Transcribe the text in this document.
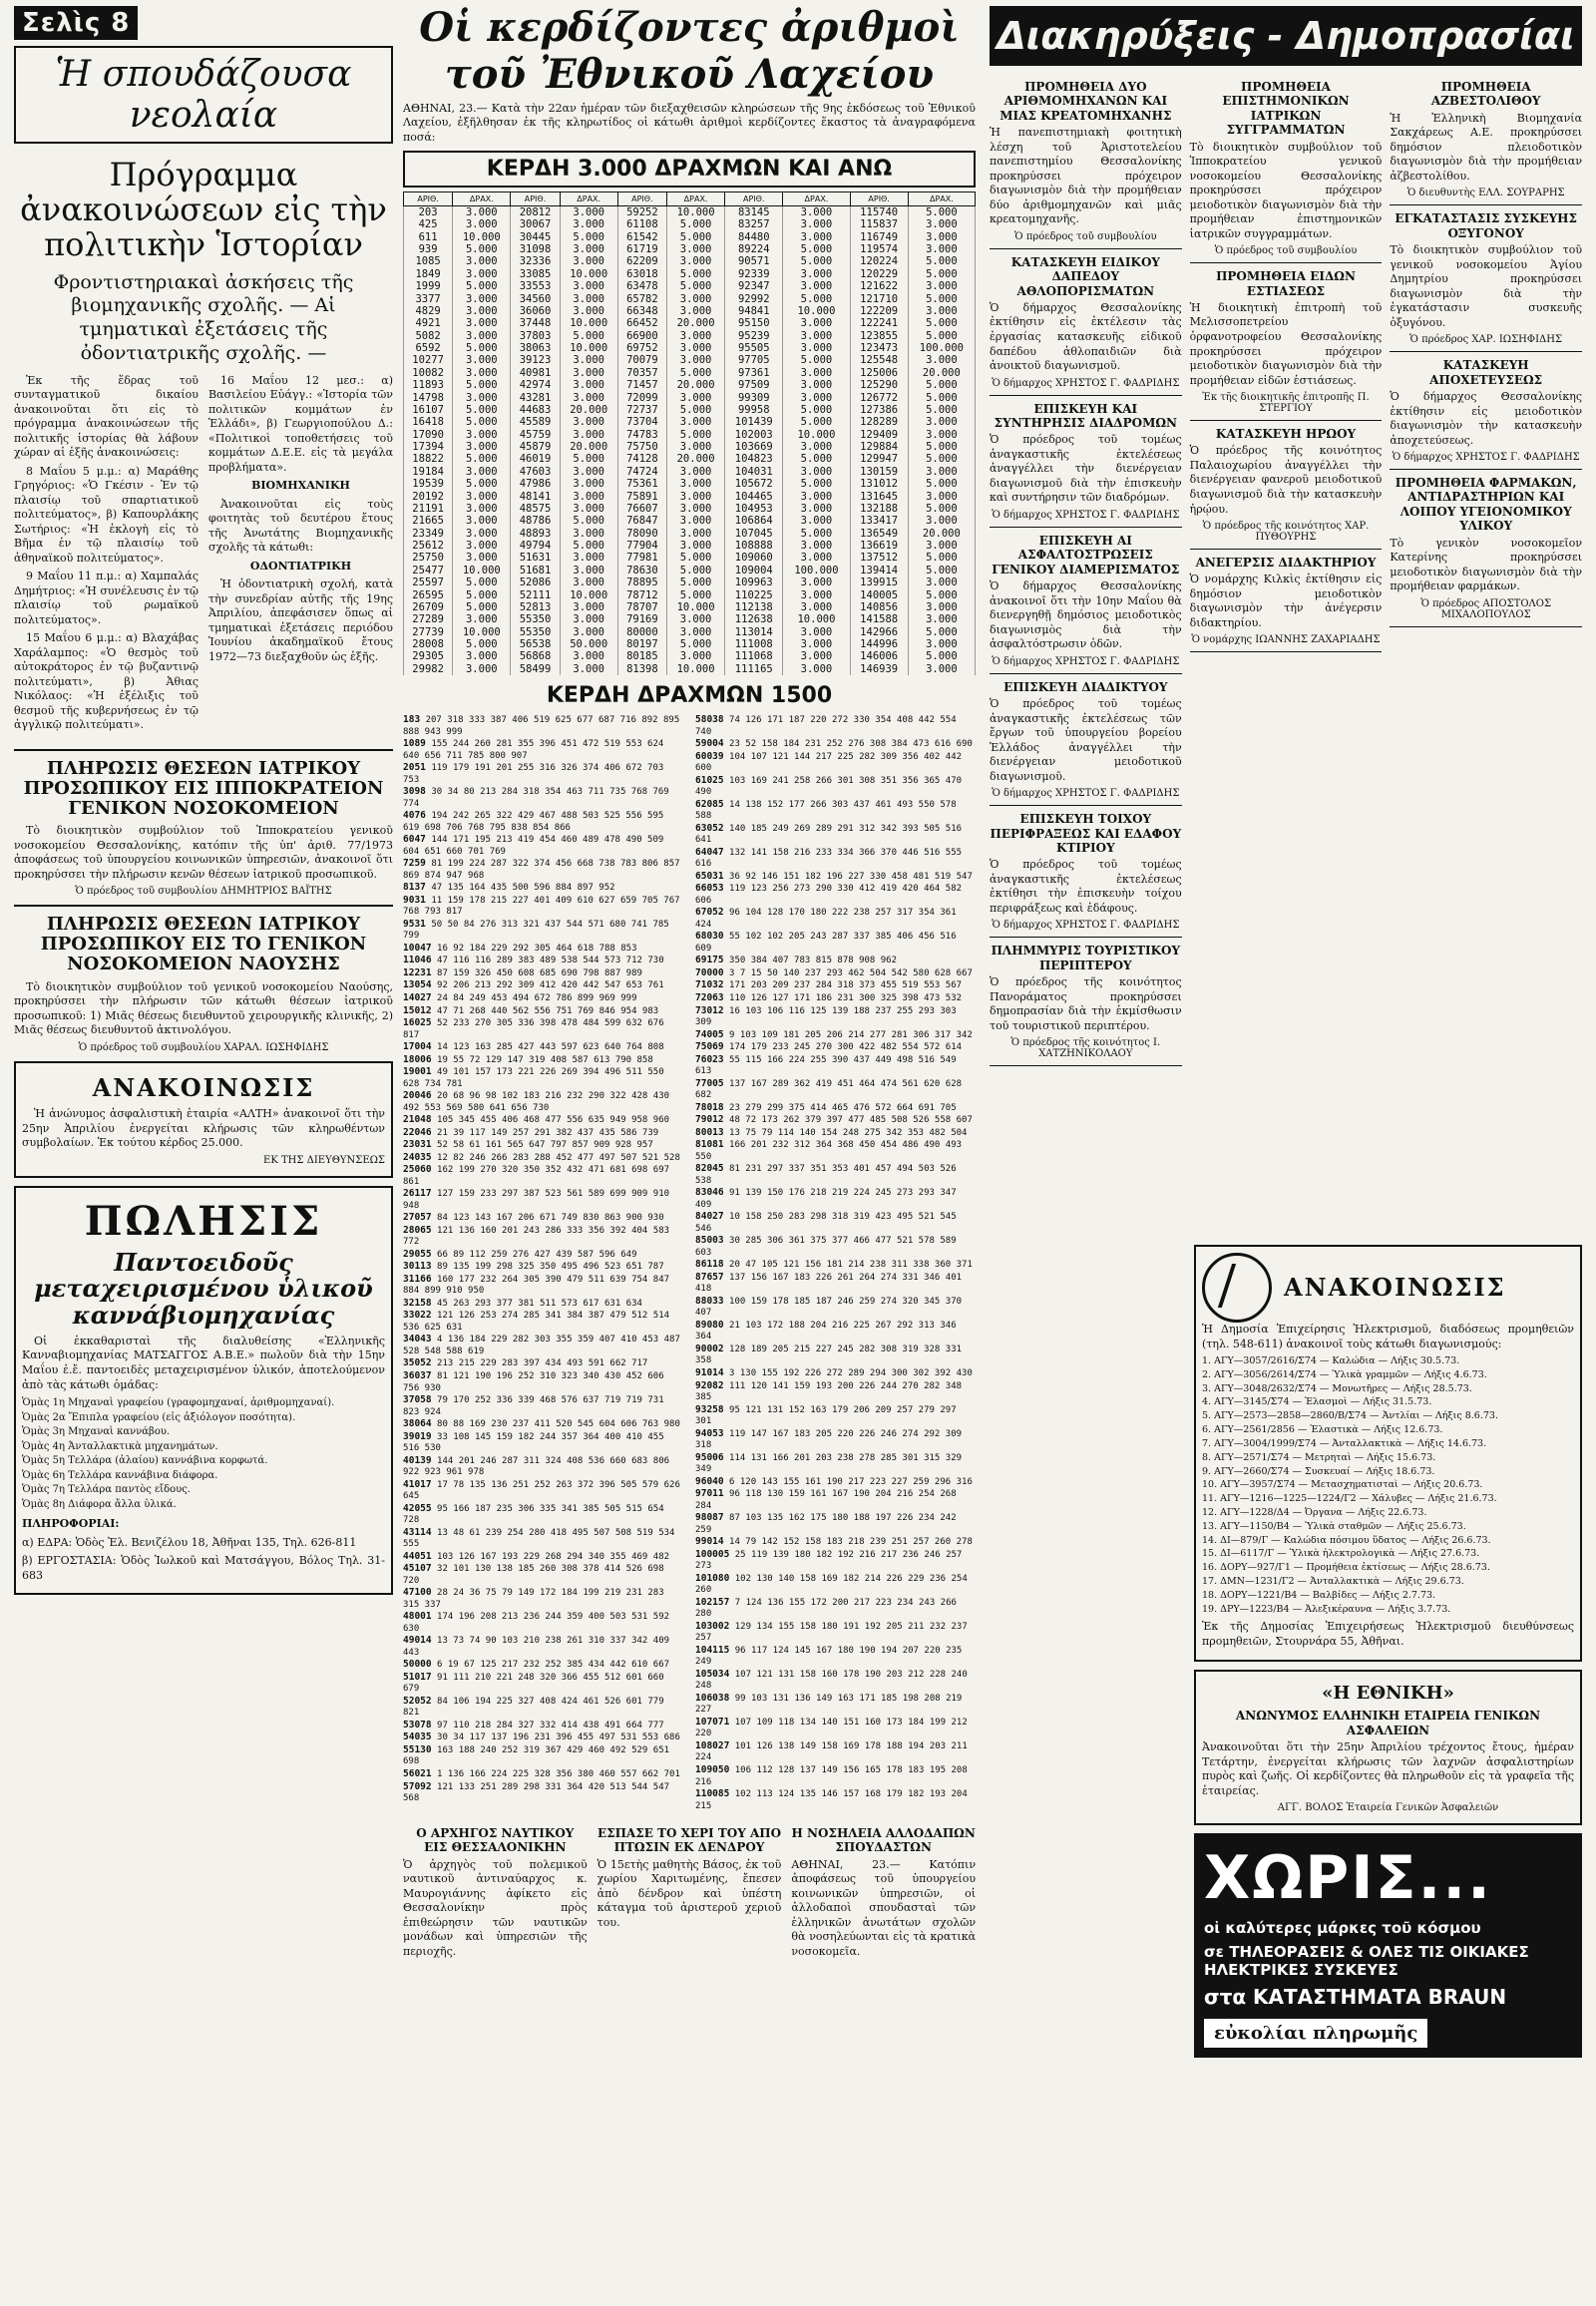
Σελὶς 8
Ἡ σπουδάζουσα νεολαία
Πρόγραμμα ἀνακοινώσεων εἰς τὴν πολιτικὴν Ἱστορίαν
Φροντιστηριακαὶ ἀσκήσεις τῆς βιομηχανικῆς σχολῆς. — Αἱ τμηματικαὶ ἐξετάσεις τῆς ὀδοντιατρικῆς σχολῆς. —

Ἐκ τῆς ἕδρας τοῦ συνταγματικοῦ δικαίου ἀνακοινοῦται ὅτι εἰς τὸ πρόγραμμα ἀνακοινώσεων τῆς πολιτικῆς ἱστορίας θὰ λάβουν χώραν αἱ ἑξῆς ἀνακοινώσεις:

8 Μαΐου 5 μ.μ.: α) Μαράθης Γρηγόριος: «Ὁ Γκέσιν - Ἐν τῷ πλαισίῳ τοῦ σπαρτιατικοῦ πολιτεύματος», β) Καπουρλάκης Σωτήριος: «Ἡ ἐκλογὴ εἰς τὸ Βῆμα ἐν τῷ πλαισίῳ τοῦ ἀθηναϊκοῦ πολιτεύματος».

9 Μαΐου 11 π.μ.: α) Χαμπαλάς Δημήτριος: «Ἡ συνέλευσις ἐν τῷ πλαισίῳ τοῦ ρωμαϊκοῦ πολιτεύματος».

15 Μαΐου 6 μ.μ.: α) Βλαχάβας Χαράλαμπος: «Ὁ θεσμὸς τοῦ αὐτοκράτορος ἐν τῷ βυζαντινῷ πολιτεύματι», β) Ἀθιας Νικόλαος: «Ἡ ἐξέλιξις τοῦ θεσμοῦ τῆς κυβερνήσεως ἐν τῷ ἀγγλικῷ πολιτεύματι».

16 Μαΐου 12 μεσ.: α) Βασιλείου Εὐάγγ.: «Ἱστορία τῶν πολιτικῶν κομμάτων ἐν Ἑλλάδι», β) Γεωργιοπούλου Δ.: «Πολιτικοὶ τοποθετήσεις τοῦ κομμάτων Δ.Ε.Ε. εἰς τὰ μεγάλα προβλήματα».

ΒΙΟΜΗΧΑΝΙΚΗ

Ἀνακοινοῦται εἰς τοὺς φοιτητὰς τοῦ δευτέρου ἔτους τῆς Ἀνωτάτης Βιομηχανικῆς σχολῆς τὰ κάτωθι:

ΟΔΟΝΤΙΑΤΡΙΚΗ

Ἡ ὀδοντιατρικὴ σχολή, κατὰ τὴν συνεδρίαν αὐτῆς τῆς 19ης Ἀπριλίου, ἀπεφάσισεν ὅπως αἱ τμηματικαὶ ἐξετάσεις περιόδου Ἰουνίου ἀκαδημαϊκοῦ ἔτους 1972—73 διεξαχθοῦν ὡς ἑξῆς.

ΠΛΗΡΩΣΙΣ ΘΕΣΕΩΝ ΙΑΤΡΙΚΟΥ ΠΡΟΣΩΠΙΚΟΥ ΕΙΣ ΙΠΠΟΚΡΑΤΕΙΟΝ ΓΕΝΙΚΟΝ ΝΟΣΟΚΟΜΕΙΟΝ

Τὸ διοικητικὸν συμβούλιον τοῦ Ἱπποκρατείου γενικοῦ νοσοκομείου Θεσσαλονίκης, κατόπιν τῆς ὑπ' ἀριθ. 77/1973 ἀποφάσεως τοῦ ὑπουργείου κοινωνικῶν ὑπηρεσιῶν, ἀνακοινοῖ ὅτι προκηρύσσει τὴν πλήρωσιν κενῶν θέσεων ἰατρικοῦ προσωπικοῦ.

Ὁ πρόεδρος τοῦ συμβουλίου ΔΗΜΗΤΡΙΟΣ ΒΑΪΤΗΣ
ΠΛΗΡΩΣΙΣ ΘΕΣΕΩΝ ΙΑΤΡΙΚΟΥ ΠΡΟΣΩΠΙΚΟΥ ΕΙΣ ΤΟ ΓΕΝΙΚΟΝ ΝΟΣΟΚΟΜΕΙΟΝ ΝΑΟΥΣΗΣ

Τὸ διοικητικὸν συμβούλιον τοῦ γενικοῦ νοσοκομείου Ναούσης, προκηρύσσει τὴν πλήρωσιν τῶν κάτωθι θέσεων ἰατρικοῦ προσωπικοῦ: 1) Μιᾶς θέσεως διευθυντοῦ χειρουργικῆς κλινικῆς, 2) Μιᾶς θέσεως διευθυντοῦ ἀκτινολόγου.

Ὁ πρόεδρος τοῦ συμβουλίου ΧΑΡΑΛ. ΙΩΣΗΦΙΔΗΣ
ΑΝΑΚΟΙΝΩΣΙΣ

Ἡ ἀνώνυμος ἀσφαλιστικὴ ἑταιρία «ΑΛΤΗ» ἀνακοινοῖ ὅτι τὴν 25ην Ἀπριλίου ἐνεργείται κλήρωσις τῶν κληρωθέντων συμβολαίων. Ἐκ τούτου κέρδος 25.000.

ΕΚ ΤΗΣ ΔΙΕΥΘΥΝΣΕΩΣ
ΠΩΛΗΣΙΣ
Παντοειδοῦς μεταχειρισμένου ὑλικοῦ καννάβιομηχανίας

Οἱ ἐκκαθαρισταὶ τῆς διαλυθείσης «Ἑλληνικῆς Κανναβιομηχανίας ΜΑΤΣΑΓΓΟΣ Α.Β.Ε.» πωλοῦν διὰ τὴν 15ην Μαΐου ἐ.ἔ. παντοειδὲς μεταχειρισμένον ὑλικόν, ἀποτελούμενον ἀπὸ τὰς κάτωθι ὁμάδας:

Ὁμὰς 1η Μηχαναὶ γραφείου (γραφομηχαναί, ἀριθμομηχαναί).
Ὁμὰς 2α Ἔπιπλα γραφείου (εἰς ἀξιόλογον ποσότητα).
Ὁμὰς 3η Μηχαναὶ καννάβου.
Ὁμὰς 4η Ἀνταλλακτικὰ μηχανημάτων.
Ὁμὰς 5η Τελλάρα (ἀλαίου) καννάβινα κορφωτά.
Ὁμὰς 6η Τελλάρα καννάβινα διάφορα.
Ὁμὰς 7η Τελλάρα παντὸς εἴδους.
Ὁμὰς 8η Διάφορα ἄλλα ὑλικά.
ΠΛΗΡΟΦΟΡΙΑΙ:
α) ΕΔΡΑ: Ὁδὸς Ἐλ. Βενιζέλου 18, Ἀθῆναι 135, Τηλ. 626-811
β) ΕΡΓΟΣΤΑΣΙΑ: Ὁδὸς Ἰωλκοῦ καὶ Ματσάγγου, Βόλος Τηλ. 31-683
Οἱ κερδίζοντες ἀριθμοὶ τοῦ Ἐθνικοῦ Λαχείου
ΑΘΗΝΑΙ, 23.— Κατὰ τὴν 22αν ἡμέραν τῶν διεξαχθεισῶν κληρώσεων τῆς 9ης ἐκδόσεως τοῦ Ἐθνικοῦ Λαχείου, ἐξῆλθησαν ἐκ τῆς κληρωτίδος οἱ κάτωθι ἀριθμοὶ κερδίζοντες ἕκαστος τὰ ἀναγραφόμενα ποσά:
ΚΕΡΔΗ 3.000 ΔΡΑΧΜΩΝ ΚΑΙ ΑΝΩ
ΑΡΙΘ.	ΔΡΑΧ.	ΑΡΙΘ.	ΔΡΑΧ.	ΑΡΙΘ.	ΔΡΑΧ.	ΑΡΙΘ.	ΔΡΑΧ.	ΑΡΙΘ.	ΔΡΑΧ.
203	3.000	20812	3.000	59252	10.000	83145	3.000	115740	5.000
425	3.000	30067	3.000	61108	5.000	83257	3.000	115837	3.000
611	10.000	30445	5.000	61542	5.000	84480	3.000	116749	3.000
939	5.000	31098	3.000	61719	3.000	89224	5.000	119574	3.000
1085	3.000	32336	3.000	62209	3.000	90571	5.000	120224	5.000
1849	3.000	33085	10.000	63018	5.000	92339	3.000	120229	5.000
1999	5.000	33553	3.000	63478	5.000	92347	3.000	121622	3.000
3377	3.000	34560	3.000	65782	3.000	92992	5.000	121710	5.000
4829	3.000	36060	3.000	66348	3.000	94841	10.000	122209	3.000
4921	3.000	37448	10.000	66452	20.000	95150	3.000	122241	5.000
5082	3.000	37803	5.000	66900	3.000	95239	3.000	123855	5.000
6592	5.000	38063	10.000	69752	3.000	95505	3.000	123473	100.000
10277	3.000	39123	3.000	70079	3.000	97705	5.000	125548	3.000
10082	3.000	40981	3.000	70357	5.000	97361	3.000	125006	20.000
11893	5.000	42974	3.000	71457	20.000	97509	3.000	125290	5.000
14798	3.000	43281	3.000	72099	3.000	99309	3.000	126772	5.000
16107	5.000	44683	20.000	72737	5.000	99958	5.000	127386	5.000
16418	5.000	45589	3.000	73704	3.000	101439	5.000	128289	3.000
17090	3.000	45759	3.000	74783	5.000	102003	10.000	129409	3.000
17394	3.000	45879	20.000	75750	3.000	103669	3.000	129884	5.000
18822	5.000	46019	5.000	74128	20.000	104823	5.000	129947	5.000
19184	3.000	47603	3.000	74724	3.000	104031	3.000	130159	3.000
19539	5.000	47986	3.000	75361	3.000	105672	5.000	131012	5.000
20192	3.000	48141	3.000	75891	3.000	104465	3.000	131645	3.000
21191	3.000	48575	3.000	76607	3.000	104953	3.000	132188	5.000
21665	3.000	48786	5.000	76847	3.000	106864	3.000	133417	3.000
23349	3.000	48893	3.000	78090	3.000	107045	5.000	136549	20.000
25612	3.000	49794	5.000	77904	3.000	108888	3.000	136619	3.000
25750	3.000	51631	3.000	77981	5.000	109060	3.000	137512	5.000
25477	10.000	51681	3.000	78630	5.000	109004	100.000	139414	5.000
25597	5.000	52086	3.000	78895	5.000	109963	3.000	139915	3.000
26595	5.000	52111	10.000	78712	5.000	110225	3.000	140005	5.000
26709	5.000	52813	3.000	78707	10.000	112138	3.000	140856	3.000
27289	3.000	55350	3.000	79169	3.000	112638	10.000	141588	3.000
27739	10.000	55350	3.000	80000	3.000	113014	3.000	142966	5.000
28008	5.000	56538	50.000	80197	5.000	111008	3.000	144996	3.000
29305	3.000	56868	3.000	80185	3.000	111068	3.000	146006	5.000
29982	3.000	58499	3.000	81398	10.000	111165	3.000	146939	3.000
ΚΕΡΔΗ ΔΡΑΧΜΩΝ 1500
183 207 318 333 387 406 519 625 677 687 716 892 895 888 943 999
1089 155 244 260 281 355 396 451 472 519 553 624 640 656 711 785 800 907
2051 119 179 191 201 255 316 326 374 406 672 703 753
3098 30 34 80 213 284 318 354 463 711 735 768 769 774
4076 194 242 265 322 429 467 488 503 525 556 595 619 698 706 768 795 838 854 866
6047 144 171 195 213 419 454 460 489 478 490 509 604 651 660 701 769
7259 81 199 224 287 322 374 456 668 738 783 806 857 869 874 947 968
8137 47 135 164 435 500 596 884 897 952
9031 11 159 178 215 227 401 409 610 627 659 705 767 768 793 817
9531 50 50 84 276 313 321 437 544 571 680 741 785 799
10047 16 92 184 229 292 305 464 618 788 853
11046 47 116 116 289 383 489 538 544 573 712 730
12231 87 159 326 450 608 685 690 798 887 989
13054 92 206 213 292 309 412 420 442 547 653 761
14027 24 84 249 453 494 672 786 899 969 999
15012 47 71 268 440 562 556 751 769 846 954 983
16025 52 233 270 305 336 398 478 484 599 632 676 817
17004 14 123 163 285 427 443 597 623 640 764 808
18006 19 55 72 129 147 319 408 587 613 790 858
19001 49 101 157 173 221 226 269 394 496 511 550 628 734 781
20046 20 68 96 98 102 183 216 232 290 322 428 430 492 553 569 580 641 656 730
21048 105 345 455 406 468 477 556 635 949 958 960
22046 21 39 117 149 257 291 382 437 435 586 739
23031 52 58 61 161 565 647 797 857 909 928 957
24035 12 82 246 266 283 288 452 477 497 507 521 528
25060 162 199 270 320 350 352 432 471 681 698 697 861
26117 127 159 233 297 387 523 561 589 699 909 910 948
27057 84 123 143 167 206 671 749 830 863 900 930
28065 121 136 160 201 243 286 333 356 392 404 583 772
29055 66 89 112 259 276 427 439 587 596 649
30113 89 135 199 298 325 350 495 496 523 651 787
31166 160 177 232 264 305 390 479 511 639 754 847 884 899 910 950
32158 45 263 293 377 381 511 573 617 631 634
33022 121 126 253 274 285 341 384 387 479 512 514 536 625 631
34043 4 136 184 229 282 303 355 359 407 410 453 487 528 548 588 619
35052 213 215 229 283 397 434 493 591 662 717
36037 81 121 190 196 252 310 323 340 430 452 606 756 930
37058 79 170 252 336 339 468 576 637 719 719 731 823 924
38064 80 88 169 230 237 411 520 545 604 606 763 980
39019 33 108 145 159 182 244 357 364 400 410 455 516 530
40139 144 201 246 287 311 324 408 536 660 683 806 922 923 961 978
41017 17 78 135 136 251 252 263 372 396 505 579 626 645
42055 95 166 187 235 306 335 341 385 505 515 654 728
43114 13 48 61 239 254 280 418 495 507 508 519 534 555
44051 103 126 167 193 229 268 294 340 355 469 482
45107 32 101 130 138 185 260 308 378 414 526 698 720
47100 28 24 36 75 79 149 172 184 199 219 231 283 315 337
48001 174 196 208 213 236 244 359 400 503 531 592 630
49014 13 73 74 90 103 210 238 261 310 337 342 409 443
50000 6 19 67 125 217 232 252 385 434 442 610 667
51017 91 111 210 221 248 320 366 455 512 601 660 679
52052 84 106 194 225 327 408 424 461 526 601 779 821
53078 97 110 218 284 327 332 414 438 491 664 777
54035 30 34 117 137 196 231 396 455 497 531 553 686
55130 163 188 240 252 319 367 429 460 492 529 651 698
56021 1 136 166 224 225 328 356 380 460 557 662 701
57092 121 133 251 289 298 331 364 420 513 544 547 568
58038 74 126 171 187 220 272 330 354 408 442 554 740
59004 23 52 158 184 231 252 276 308 384 473 616 690
60039 104 107 121 144 217 225 282 309 356 402 442 600
61025 103 169 241 258 266 301 308 351 356 365 470 490
62085 14 138 152 177 266 303 437 461 493 550 578 588
63052 140 185 249 269 289 291 312 342 393 505 516 641
64047 132 141 158 216 233 334 366 370 446 516 555 616
65031 36 92 146 151 182 196 227 330 458 481 519 547
66053 119 123 256 273 290 330 412 419 420 464 582 606
67052 96 104 128 170 180 222 238 257 317 354 361 424
68030 55 102 102 205 243 287 337 385 406 456 516 609
69175 350 384 407 783 815 878 908 962
70000 3 7 15 50 140 237 293 462 504 542 580 628 667
71032 171 203 209 237 284 318 373 455 519 553 567
72063 110 126 127 171 186 231 300 325 398 473 532
73012 16 103 106 116 125 139 188 237 255 293 303 309
74005 9 103 109 181 205 206 214 277 281 306 317 342
75069 174 179 233 245 270 300 422 482 554 572 614
76023 55 115 166 224 255 390 437 449 498 516 549 613
77005 137 167 289 362 419 451 464 474 561 620 628 682
78018 23 279 299 375 414 465 476 572 664 691 705
79012 48 72 173 262 379 397 477 485 508 526 558 607
80013 13 75 79 114 140 154 248 275 342 353 482 504
81081 166 201 232 312 364 368 450 454 486 490 493 550
82045 81 231 297 337 351 353 401 457 494 503 526 538
83046 91 139 150 176 218 219 224 245 273 293 347 409
84027 10 158 250 283 298 318 319 423 495 521 545 546
85003 30 285 306 361 375 377 466 477 521 578 589 603
86118 20 47 105 121 156 181 214 238 311 338 360 371
87657 137 156 167 183 226 261 264 274 331 346 401 418
88033 100 159 178 185 187 246 259 274 320 345 370 407
89080 21 103 172 188 204 216 225 267 292 313 346 364
90002 128 189 205 215 227 245 282 308 319 328 331 358
91014 3 130 155 192 226 272 289 294 300 302 392 430
92082 111 120 141 159 193 200 226 244 270 282 348 385
93258 95 121 131 152 163 179 206 209 257 279 297 301
94053 119 147 167 183 205 220 226 246 274 292 309 318
95006 114 131 166 201 203 238 278 285 301 315 329 349
96040 6 120 143 155 161 190 217 223 227 259 296 316
97011 96 118 130 159 161 167 190 204 216 254 268 284
98087 87 103 135 162 175 180 188 197 226 234 242 259
99014 14 79 142 152 158 183 218 239 251 257 260 278
100005 25 119 139 180 182 192 216 217 236 246 257 273
101080 102 130 140 158 169 182 214 226 229 236 254 260
102157 7 124 136 155 172 200 217 223 234 243 266 280
103002 129 134 155 158 180 191 192 205 211 232 237 257
104115 96 117 124 145 167 180 190 194 207 220 235 249
105034 107 121 131 158 160 178 190 203 212 228 240 248
106038 99 103 131 136 149 163 171 185 198 208 219 227
107071 107 109 118 134 140 151 160 173 184 199 212 220
108027 101 126 138 149 158 169 178 188 194 203 211 224
109050 106 112 128 137 149 156 165 178 183 195 208 216
110085 102 113 124 135 146 157 168 179 182 193 204 215
Ο ΑΡΧΗΓΟΣ ΝΑΥΤΙΚΟΥ ΕΙΣ ΘΕΣΣΑΛΟΝΙΚΗΝ
Ὁ ἀρχηγὸς τοῦ πολεμικοῦ ναυτικοῦ ἀντιναύαρχος κ. Μαυρογιάννης ἀφίκετο εἰς Θεσσαλονίκην πρὸς ἐπιθεώρησιν τῶν ναυτικῶν μονάδων καὶ ὑπηρεσιῶν τῆς περιοχῆς.
ΕΣΠΑΣΕ ΤΟ ΧΕΡΙ ΤΟΥ ΑΠΟ ΠΤΩΣΙΝ ΕΚ ΔΕΝΔΡΟΥ
Ὁ 15ετὴς μαθητὴς Βάσος, ἐκ τοῦ χωρίου Χαριτωμένης, ἔπεσεν ἀπὸ δένδρον καὶ ὑπέστη κάταγμα τοῦ ἀριστεροῦ χεριοῦ του.
Η ΝΟΣΗΛΕΙΑ ΑΛΛΟΔΑΠΩΝ ΣΠΟΥΔΑΣΤΩΝ
ΑΘΗΝΑΙ, 23.— Κατόπιν ἀποφάσεως τοῦ ὑπουργείου κοινωνικῶν ὑπηρεσιῶν, οἱ ἀλλοδαποὶ σπουδασταὶ τῶν ἑλληνικῶν ἀνωτάτων σχολῶν θὰ νοσηλεύωνται εἰς τὰ κρατικὰ νοσοκομεῖα.
Διακηρύξεις - Δημοπρασίαι
ΠΡΟΜΗΘΕΙΑ ΔΥΟ ΑΡΙΘΜΟΜΗΧΑΝΩΝ ΚΑΙ ΜΙΑΣ ΚΡΕΑΤΟΜΗΧΑΝΗΣ
Ἡ πανεπιστημιακὴ φοιτητικὴ λέσχη τοῦ Ἀριστοτελείου πανεπιστημίου Θεσσαλονίκης προκηρύσσει πρόχειρον διαγωνισμὸν διὰ τὴν προμήθειαν δύο ἀριθμομηχανῶν καὶ μιᾶς κρεατομηχανῆς.
Ὁ πρόεδρος τοῦ συμβουλίου
ΚΑΤΑΣΚΕΥΗ ΕΙΔΙΚΟΥ ΔΑΠΕΔΟΥ ΑΘΛΟΠΟΡΙΣΜΑΤΩΝ
Ὁ δήμαρχος Θεσσαλονίκης ἐκτίθησιν εἰς ἐκτέλεσιν τὰς ἐργασίας κατασκευῆς εἰδικοῦ δαπέδου ἀθλοπαιδιῶν διὰ ἀνοικτοῦ διαγωνισμοῦ.
Ὁ δήμαρχος ΧΡΗΣΤΟΣ Γ. ΦΑΔΡΙΔΗΣ
ΕΠΙΣΚΕΥΗ ΚΑΙ ΣΥΝΤΗΡΗΣΙΣ ΔΙΑΔΡΟΜΩΝ
Ὁ πρόεδρος τοῦ τομέως ἀναγκαστικῆς ἐκτελέσεως ἀναγγέλλει τὴν διενέργειαν διαγωνισμοῦ διὰ τὴν ἐπισκευὴν καὶ συντήρησιν τῶν διαδρόμων.
Ὁ δήμαρχος ΧΡΗΣΤΟΣ Γ. ΦΑΔΡΙΔΗΣ
ΕΠΙΣΚΕΥΗ ΑΙ ΑΣΦΑΛΤΟΣΤΡΩΣΕΙΣ ΓΕΝΙΚΟΥ ΔΙΑΜΕΡΙΣΜΑΤΟΣ
Ὁ δήμαρχος Θεσσαλονίκης ἀνακοινοῖ ὅτι τὴν 10ην Μαΐου θὰ διενεργηθῇ δημόσιος μειοδοτικὸς διαγωνισμὸς διὰ τὴν ἀσφαλτόστρωσιν ὁδῶν.
Ὁ δήμαρχος ΧΡΗΣΤΟΣ Γ. ΦΑΔΡΙΔΗΣ
ΕΠΙΣΚΕΥΗ ΔΙΑΔΙΚΤΥΟΥ
Ὁ πρόεδρος τοῦ τομέως ἀναγκαστικῆς ἐκτελέσεως τῶν ἔργων τοῦ ὑπουργείου βορείου Ἑλλάδος ἀναγγέλλει τὴν διενέργειαν μειοδοτικοῦ διαγωνισμοῦ.
Ὁ δήμαρχος ΧΡΗΣΤΟΣ Γ. ΦΑΔΡΙΔΗΣ
ΕΠΙΣΚΕΥΗ ΤΟΙΧΟΥ ΠΕΡΙΦΡΑΞΕΩΣ ΚΑΙ ΕΔΑΦΟΥ ΚΤΙΡΙΟΥ
Ὁ πρόεδρος τοῦ τομέως ἀναγκαστικῆς ἐκτελέσεως ἐκτίθησι τὴν ἐπισκευὴν τοίχου περιφράξεως καὶ ἐδάφους.
Ὁ δήμαρχος ΧΡΗΣΤΟΣ Γ. ΦΑΔΡΙΔΗΣ
ΠΛΗΜΜΥΡΙΣ ΤΟΥΡΙΣΤΙΚΟΥ ΠΕΡΙΠΤΕΡΟΥ
Ὁ πρόεδρος τῆς κοινότητος Πανοράματος προκηρύσσει δημοπρασίαν διὰ τὴν ἐκμίσθωσιν τοῦ τουριστικοῦ περιπτέρου.
Ὁ πρόεδρος τῆς κοινότητος Ι. ΧΑΤΖΗΝΙΚΟΛΑΟΥ
ΠΡΟΜΗΘΕΙΑ ΕΠΙΣΤΗΜΟΝΙΚΩΝ ΙΑΤΡΙΚΩΝ ΣΥΓΓΡΑΜΜΑΤΩΝ
Τὸ διοικητικὸν συμβούλιον τοῦ Ἱπποκρατείου γενικοῦ νοσοκομείου Θεσσαλονίκης προκηρύσσει πρόχειρον μειοδοτικὸν διαγωνισμὸν διὰ τὴν προμήθειαν ἐπιστημονικῶν ἰατρικῶν συγγραμμάτων.
Ὁ πρόεδρος τοῦ συμβουλίου
ΠΡΟΜΗΘΕΙΑ ΕΙΔΩΝ ΕΣΤΙΑΣΕΩΣ
Ἡ διοικητικὴ ἐπιτροπὴ τοῦ Μελισσοπετρείου ὀρφανοτροφείου Θεσσαλονίκης προκηρύσσει πρόχειρον μειοδοτικὸν διαγωνισμὸν διὰ τὴν προμήθειαν εἰδῶν ἑστιάσεως.
Ἐκ τῆς διοικητικῆς ἐπιτροπῆς Π. ΣΤΕΡΓΙΟΥ
ΚΑΤΑΣΚΕΥΗ ΗΡΩΟΥ
Ὁ πρόεδρος τῆς κοινότητος Παλαιοχωρίου ἀναγγέλλει τὴν διενέργειαν φανεροῦ μειοδοτικοῦ διαγωνισμοῦ διὰ τὴν κατασκευὴν ἡρῴου.
Ὁ πρόεδρος τῆς κοινότητος ΧΑΡ. ΠΥΘΟΥΡΗΣ
ΑΝΕΓΕΡΣΙΣ ΔΙΔΑΚΤΗΡΙΟΥ
Ὁ νομάρχης Κιλκὶς ἐκτίθησιν εἰς δημόσιον μειοδοτικὸν διαγωνισμὸν τὴν ἀνέγερσιν διδακτηρίου.
Ὁ νομάρχης ΙΩΑΝΝΗΣ ΖΑΧΑΡΙΑΔΗΣ
ΠΡΟΜΗΘΕΙΑ ΑΖΒΕΣΤΟΛΙΘΟΥ
Ἡ Ἑλληνικὴ Βιομηχανία Σακχάρεως Α.Ε. προκηρύσσει δημόσιον πλειοδοτικὸν διαγωνισμὸν διὰ τὴν προμήθειαν ἀζβεστολίθου.
Ὁ διευθυντὴς ΕΛΛ. ΣΟΥΡΑΡΗΣ
ΕΓΚΑΤΑΣΤΑΣΙΣ ΣΥΣΚΕΥΗΣ ΟΞΥΓΟΝΟΥ
Τὸ διοικητικὸν συμβούλιον τοῦ γενικοῦ νοσοκομείου Ἀγίου Δημητρίου προκηρύσσει διαγωνισμὸν διὰ τὴν ἐγκατάστασιν συσκευῆς ὀξυγόνου.
Ὁ πρόεδρος ΧΑΡ. ΙΩΣΗΦΙΔΗΣ
ΚΑΤΑΣΚΕΥΗ ΑΠΟΧΕΤΕΥΣΕΩΣ
Ὁ δήμαρχος Θεσσαλονίκης ἐκτίθησιν εἰς μειοδοτικὸν διαγωνισμὸν τὴν κατασκευὴν ἀποχετεύσεως.
Ὁ δήμαρχος ΧΡΗΣΤΟΣ Γ. ΦΑΔΡΙΔΗΣ
ΠΡΟΜΗΘΕΙΑ ΦΑΡΜΑΚΩΝ, ΑΝΤΙΔΡΑΣΤΗΡΙΩΝ ΚΑΙ ΛΟΙΠΟΥ ΥΓΕΙΟΝΟΜΙΚΟΥ ΥΛΙΚΟΥ
Τὸ γενικὸν νοσοκομεῖον Κατερίνης προκηρύσσει μειοδοτικὸν διαγωνισμὸν διὰ τὴν προμήθειαν φαρμάκων.
Ὁ πρόεδρος ΑΠΟΣΤΟΛΟΣ ΜΙΧΑΛΟΠΟΥΛΟΣ
ΑΝΑΚΟΙΝΩΣΙΣ
Ἡ Δημοσία Ἐπιχείρησις Ἠλεκτρισμοῦ, διαδόσεως προμηθειῶν (τηλ. 548-611) ἀνακοινοῖ τοὺς κάτωθι διαγωνισμούς:
1. ΑΓΥ—3057/2616/Σ74 — Καλώδια — Λήξις 30.5.73.
2. ΑΓΥ—3056/2614/Σ74 — Ὑλικὰ γραμμῶν — Λήξις 4.6.73.
3. ΑΓΥ—3048/2632/Σ74 — Μονωτῆρες — Λήξις 28.5.73.
4. ΑΓΥ—3145/Σ74 — Ἐλασμοὶ — Λήξις 31.5.73.
5. ΑΓΥ—2573—2858—2860/Β/Σ74 — Ἀντλίαι — Λήξις 8.6.73.
6. ΑΓΥ—2561/2856 — Ἐλαστικὰ — Λήξις 12.6.73.
7. ΑΓΥ—3004/1999/Σ74 — Ἀνταλλακτικὰ — Λήξις 14.6.73.
8. ΑΓΥ—2571/Σ74 — Μετρηταὶ — Λήξις 15.6.73.
9. ΑΓΥ—2660/Σ74 — Συσκευαί — Λήξις 18.6.73.
10. ΑΓΥ—3957/Σ74 — Μετασχηματισταὶ — Λήξις 20.6.73.
11. ΑΓΥ—1216—1225—1224/Γ2 — Χάλυβες — Λήξις 21.6.73.
12. ΑΓΥ—1228/Δ4 — Ὀργανα — Λήξις 22.6.73.
13. ΑΓΥ—1150/Β4 — Ὑλικὰ σταθμῶν — Λήξις 25.6.73.
14. ΔΙ—879/Γ — Καλώδια πόσιμου ὕδατος — Λήξις 26.6.73.
15. ΔΙ—6117/Γ — Ὑλικὰ ἠλεκτρολογικὰ — Λήξις 27.6.73.
16. ΔΟΡΥ—927/Γ1 — Προμήθεια ἐκτίσεως — Λήξις 28.6.73.
17. ΔΜΝ—1231/Γ2 — Ἀνταλλακτικὰ — Λήξις 29.6.73.
18. ΔΟΡΥ—1221/Β4 — Βαλβίδες — Λήξις 2.7.73.
19. ΔΡΥ—1223/Β4 — Ἀλεξικέραυνα — Λήξις 3.7.73.
Ἐκ τῆς Δημοσίας Ἐπιχειρήσεως Ἠλεκτρισμοῦ διευθύνσεως προμηθειῶν, Στουρνάρα 55, Ἀθῆναι.
«Η ΕΘΝΙΚΗ»
ΑΝΩΝΥΜΟΣ ΕΛΛΗΝΙΚΗ ΕΤΑΙΡΕΙΑ ΓΕΝΙΚΩΝ ΑΣΦΑΛΕΙΩΝ
Ἀνακοινοῦται ὅτι τὴν 25ην Ἀπριλίου τρέχοντος ἔτους, ἡμέραν Τετάρτην, ἐνεργείται κλήρωσις τῶν λαχνῶν ἀσφαλιστηρίων πυρὸς καὶ ζωῆς. Οἱ κερδίζοντες θὰ πληρωθοῦν εἰς τὰ γραφεῖα τῆς ἑταιρείας.
ΑΓΓ. ΒΟΛΟΣ Ἑταιρεία Γενικῶν Ἀσφαλειῶν
ΧΩΡΙΣ...
οἱ καλύτερες μάρκες τοῦ κόσμου
σε ΤΗΛΕΟΡΑΣΕΙΣ & ΟΛΕΣ ΤΙΣ ΟΙΚΙΑΚΕΣ ΗΛΕΚΤΡΙΚΕΣ ΣΥΣΚΕΥΕΣ
στα ΚΑΤΑΣΤΗΜΑΤΑ BRAUN
εὐκολίαι πληρωμῆς
